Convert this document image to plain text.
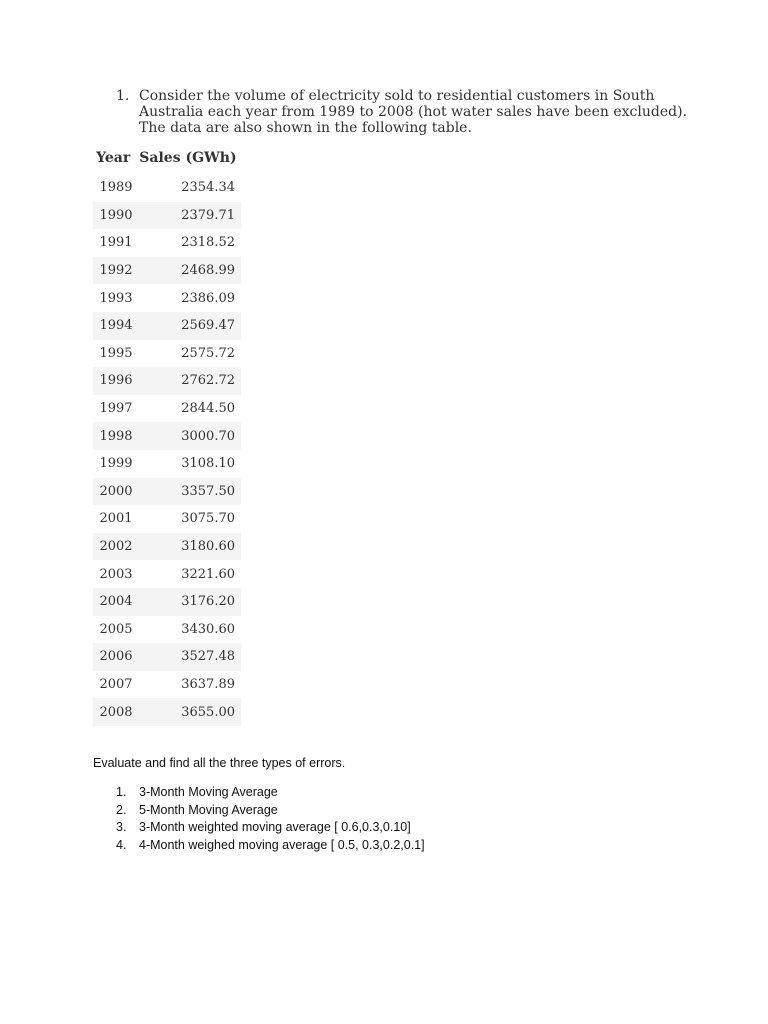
1. Consider the volume of electricity sold to residential customers in South Australia each year from 1989 to 2008 (hot water sales have been excluded). The data are also shown in the following table.
Year Sales (GWh)
1989	2354.34
1990	2379.71
1991	2318.52
1992	2468.99
1993	2386.09
1994	2569.47
1995	2575.72
1996	2762.72
1997	2844.50
1998	3000.70
1999	3108.10
2000	3357.50
2001	3075.70
2002	3180.60
2003	3221.60
2004	3176.20
2005	3430.60
2006	3527.48
2007	3637.89
2008	3655.00
Evaluate and find all the three types of errors.
1.	3-Month Moving Average
2.	5-Month Moving Average
3.	3-Month weighted moving average [ 0.6,0.3,0.10]
4.	4-Month weighed moving average [ 0.5, 0.3,0.2,0.1]
